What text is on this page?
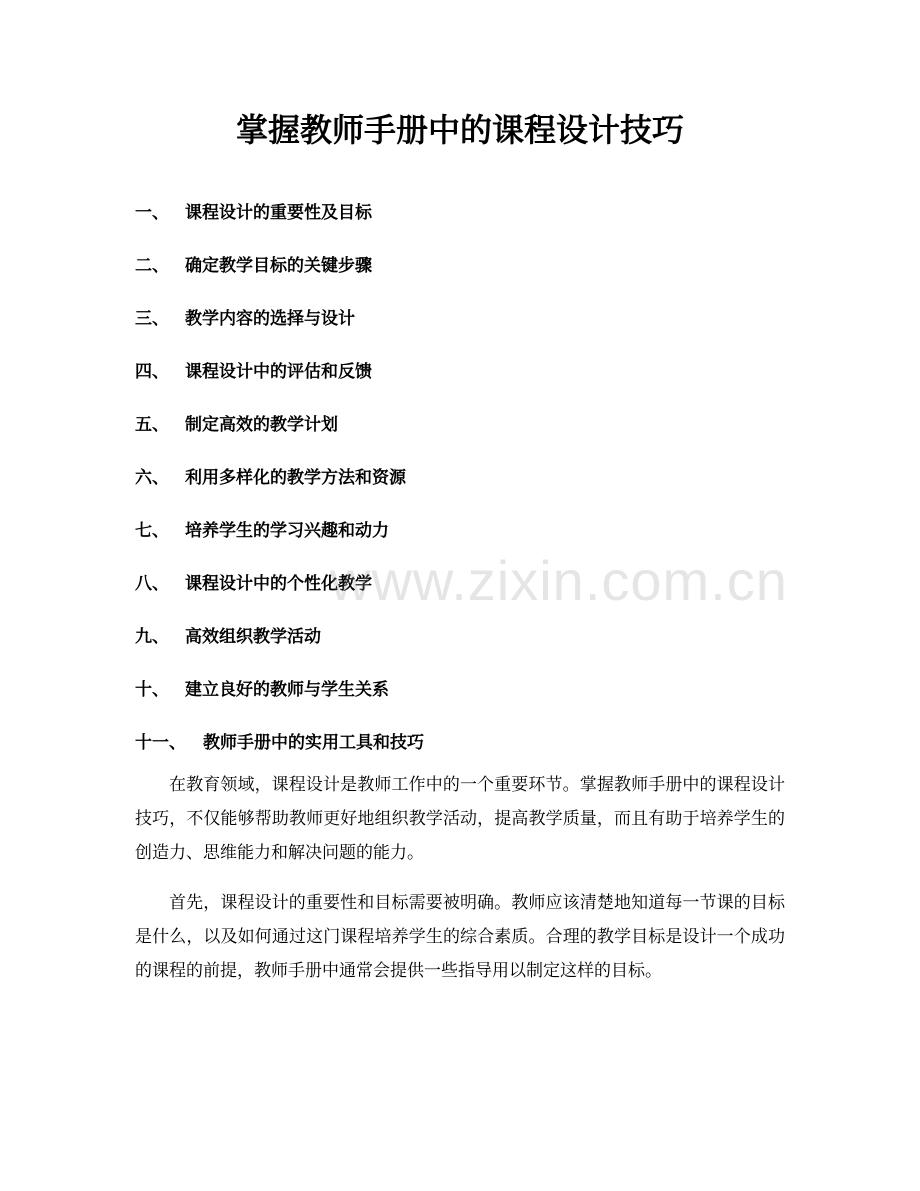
掌握教师手册中的课程设计技巧
一、 课程设计的重要性及目标
二、 确定教学目标的关键步骤
三、 教学内容的选择与设计
四、 课程设计中的评估和反馈
五、 制定高效的教学计划
六、 利用多样化的教学方法和资源
七、 培养学生的学习兴趣和动力
八、 课程设计中的个性化教学
九、 高效组织教学活动
十、 建立良好的教师与学生关系
十一、	教师手册中的实用工具和技巧

在教育领域，课程设计是教师工作中的一个重要环节。掌握教师手册中的课程设计技巧，不仅能够帮助教师更好地组织教学活动，提高教学质量，而且有助于培养学生的创造力、思维能力和解决问题的能力。

首先，课程设计的重要性和目标需要被明确。教师应该清楚地知道每一节课的目标是什么，以及如何通过这门课程培养学生的综合素质。合理的教学目标是设计一个成功的课程的前提，教师手册中通常会提供一些指导用以制定这样的目标。

www.zixin.com.cn
